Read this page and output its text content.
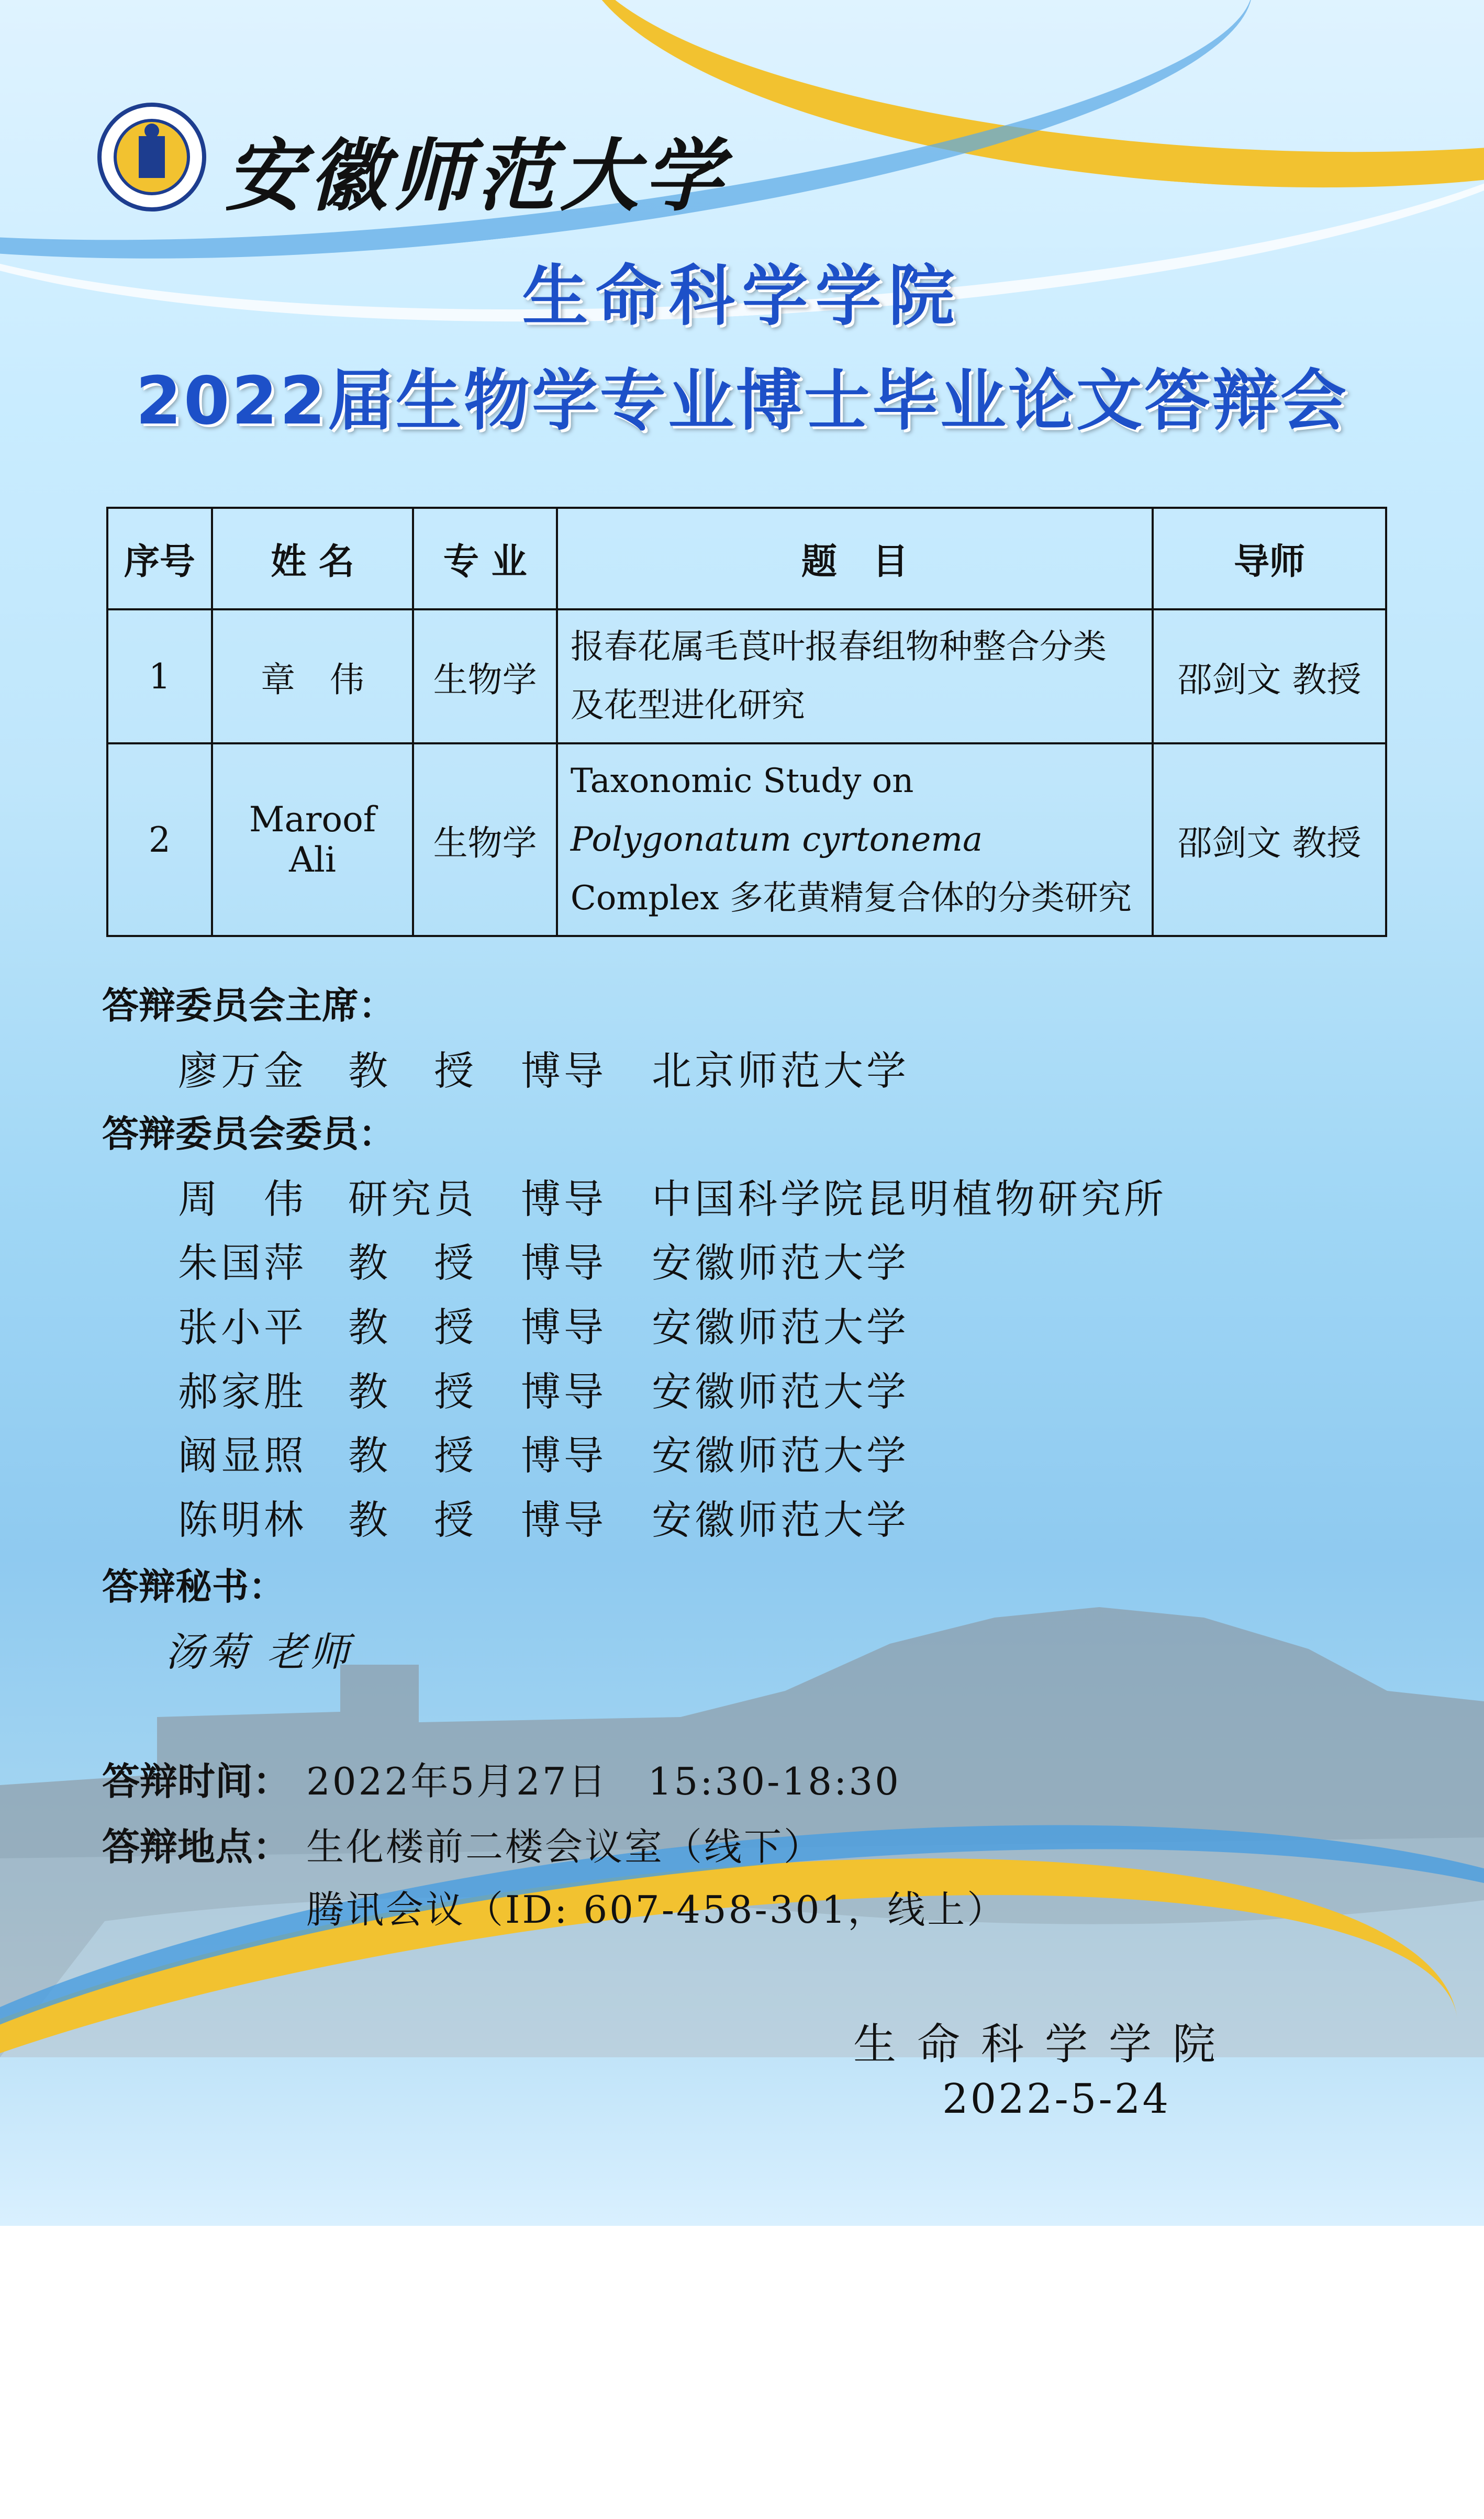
安徽师范大学
生命科学学院
2022届生物学专业博士毕业论文答辩会
序号	姓 名	专 业	题　目	导师
1	章　伟	生物学	报春花属毛莨叶报春组物种整合分类及花型进化研究	邵剑文 教授
2	Maroof Ali	生物学	Taxonomic Study on Polygonatum cyrtonema Complex 多花黄精复合体的分类研究	邵剑文 教授
答辩委员会主席：
廖万金 教　授 博导 北京师范大学
答辩委员会委员：
周　伟 研究员 博导 中国科学院昆明植物研究所
朱国萍 教　授 博导 安徽师范大学
张小平 教　授 博导 安徽师范大学
郝家胜 教　授 博导 安徽师范大学
阚显照 教　授 博导 安徽师范大学
陈明林 教　授 博导 安徽师范大学
答辩秘书：
汤菊 老师
答辩时间： 2022年5月27日　15:30-18:30
答辩地点： 生化楼前二楼会议室（线下）
腾讯会议（ID: 607-458-301，线上）
生命科学学院
2022-5-24
